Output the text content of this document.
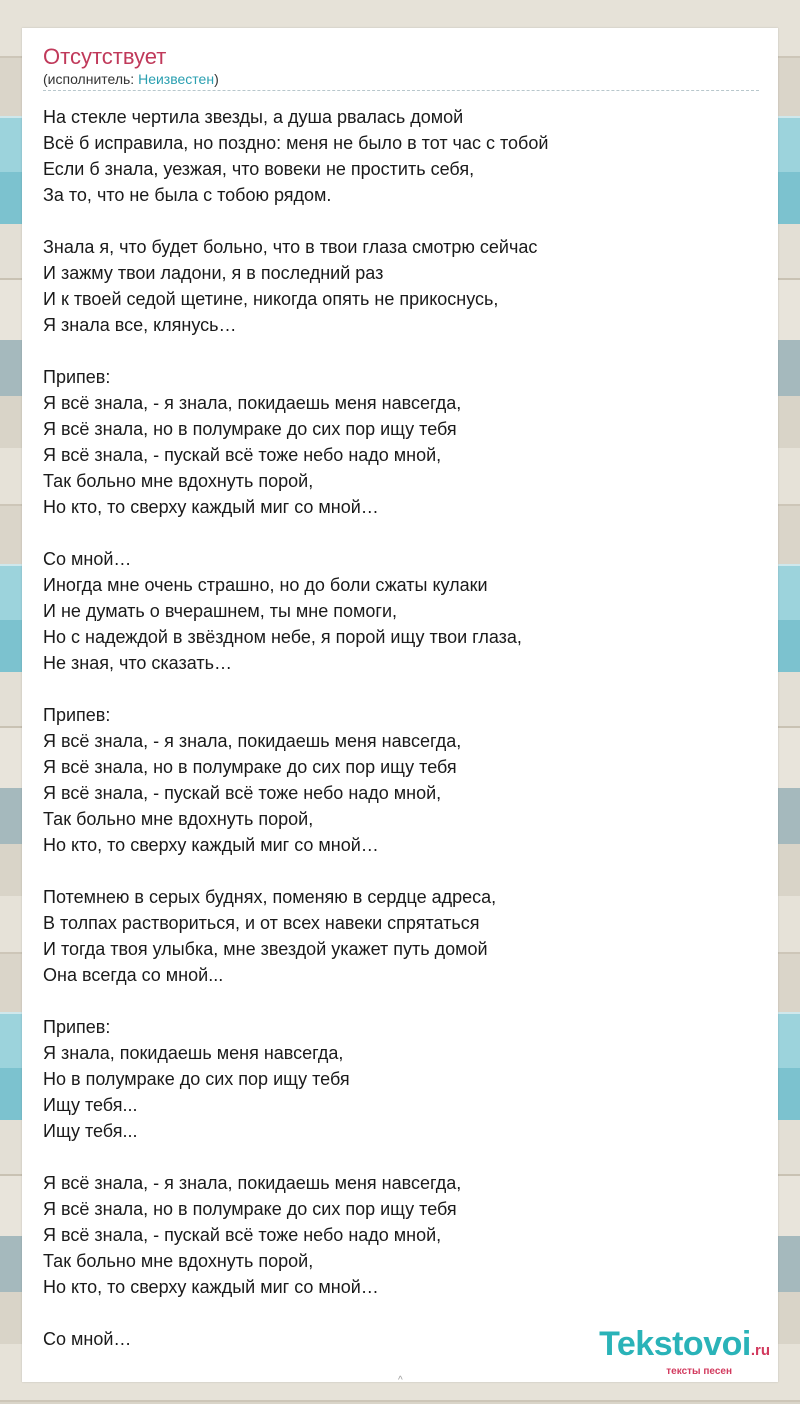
Отсутствует
(исполнитель: Неизвестен)
На стекле чертила звезды, а душа рвалась домой
Всё б исправила, но поздно: меня не было в тот час с тобой
Если б знала, уезжая, что вовеки не простить себя,
За то, что не была с тобою рядом.
Знала я, что будет больно, что в твои глаза смотрю сейчас
И зажму твои ладони, я в последний раз
И к твоей седой щетине, никогда опять не прикоснусь,
Я знала все, клянусь…
Припев:
Я всё знала, - я знала, покидаешь меня навсегда,
Я всё знала, но в полумраке до сих пор ищу тебя
Я всё знала, - пускай всё тоже небо надо мной,
Так больно мне вдохнуть порой,
Но кто, то сверху каждый миг со мной…
Со мной…
Иногда мне очень страшно, но до боли сжаты кулаки
И не думать о вчерашнем, ты мне помоги,
Но с надеждой в звёздном небе, я порой ищу твои глаза,
Не зная, что сказать…
Припев:
Я всё знала, - я знала, покидаешь меня навсегда,
Я всё знала, но в полумраке до сих пор ищу тебя
Я всё знала, - пускай всё тоже небо надо мной,
Так больно мне вдохнуть порой,
Но кто, то сверху каждый миг со мной…
Потемнею в серых буднях, поменяю в сердце адреса,
В толпах раствориться, и от всех навеки спрятаться
И тогда твоя улыбка, мне звездой укажет путь домой
Она всегда со мной...
Припев:
Я знала, покидаешь меня навсегда,
Но в полумраке до сих пор ищу тебя
Ищу тебя...
Ищу тебя...
Я всё знала, - я знала, покидаешь меня навсегда,
Я всё знала, но в полумраке до сих пор ищу тебя
Я всё знала, - пускай всё тоже небо надо мной,
Так больно мне вдохнуть порой,
Но кто, то сверху каждый миг со мной…
Со мной…	Tekstovoi.ru
тексты песен
^
